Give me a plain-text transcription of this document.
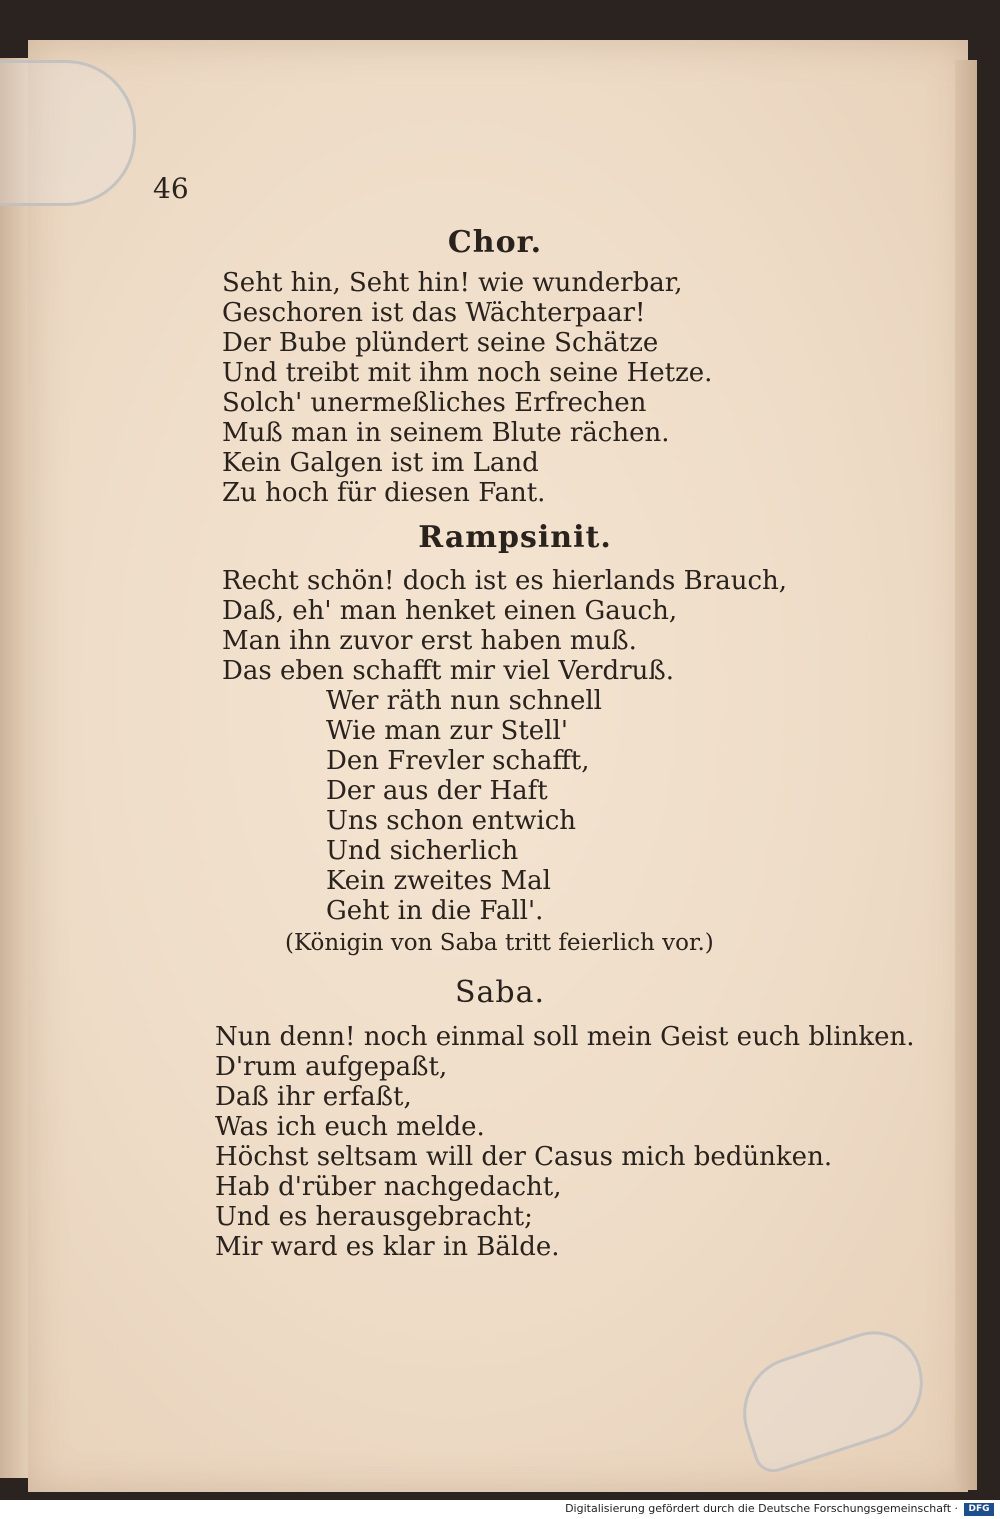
46
Chor.
Seht hin, Seht hin! wie wunderbar,
Geschoren ist das Wächterpaar!
Der Bube plündert seine Schätze
Und treibt mit ihm noch seine Hetze.
Solch' unermeßliches Erfrechen
Muß man in seinem Blute rächen.
Kein Galgen ist im Land
Zu hoch für diesen Fant.
Rampsinit.
Recht schön! doch ist es hierlands Brauch,
Daß, eh' man henket einen Gauch,
Man ihn zuvor erst haben muß.
Das eben schafft mir viel Verdruß.
Wer räth nun schnell
Wie man zur Stell'
Den Frevler schafft,
Der aus der Haft
Uns schon entwich
Und sicherlich
Kein zweites Mal
Geht in die Fall'.
(Königin von Saba tritt feierlich vor.)
Saba.
Nun denn! noch einmal soll mein Geist euch blinken.
D'rum aufgepaßt,
Daß ihr erfaßt,
Was ich euch melde.
Höchst seltsam will der Casus mich bedünken.
Hab d'rüber nachgedacht,
Und es herausgebracht;
Mir ward es klar in Bälde.
Digitalisierung gefördert durch die Deutsche Forschungsgemeinschaft ·	DFG
